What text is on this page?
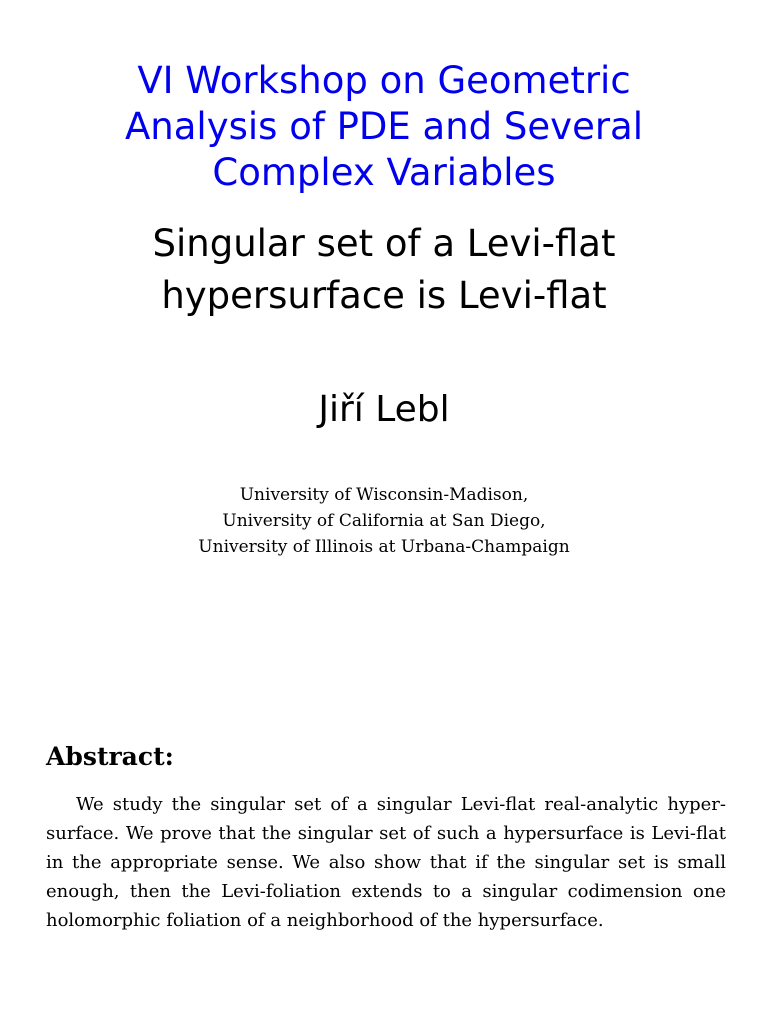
VI Workshop on Geometric
Analysis of PDE and Several
Complex Variables
Singular set of a Levi-flat
hypersurface is Levi-flat
Jiří Lebl
University of Wisconsin-Madison,
University of California at San Diego,
University of Illinois at Urbana-Champaign
Abstract:
We study the singular set of a singular Levi-flat real-analytic hyper-
surface. We prove that the singular set of such a hypersurface is Levi-flat
in the appropriate sense. We also show that if the singular set is small
enough, then the Levi-foliation extends to a singular codimension one
holomorphic foliation of a neighborhood of the hypersurface.
